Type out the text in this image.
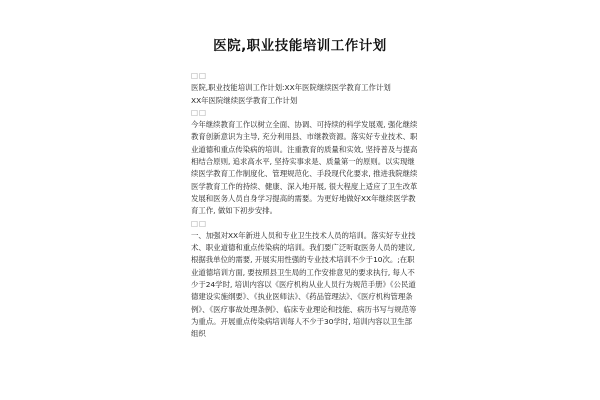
医院,职业技能培训工作计划

□□

医院,职业技能培训工作计划:XX年医院继续医学教育工作计划

XX年医院继续医学教育工作计划

□□

今年继续教育工作以树立全面、协调、可持续的科学发展观, 强化继续教育创新意识为主导, 充分利用县、市继教资源。落实好专业技术、职业道德和重点传染病的培训。注重教育的质量和实效, 坚持普及与提高相结合原则, 追求高水平, 坚持实事求是、质量第一的原则。以实现继续医学教育工作制度化、管理规范化、手段现代化要求, 推进我院继续医学教育工作的持续、健康、深入地开展, 很大程度上适应了卫生改革发展和医务人员自身学习提高的需要。为更好地做好XX年继续医学教育工作, 做如下初步安排。

□□

一、加强对XX年新进人员和专业卫生技术人员的培训。落实好专业技术、职业道德和重点传染病的培训。我们要广泛听取医务人员的建议, 根据我单位的需要, 开展实用性强的专业技术培训不少于10次。;在职业道德培训方面, 要按照县卫生局的工作安排意见的要求执行, 每人不少于24学时, 培训内容以《医疗机构从业人员行为规范手册》《公民道德建设实施纲要》、《执业医师法》、《药品管理法》、《医疗机构管理条例》、《医疗事故处理条例》、临床专业理论和技能、病历书写与规范等为重点。开展重点传染病培训每人不少于30学时, 培训内容以卫生部组织
